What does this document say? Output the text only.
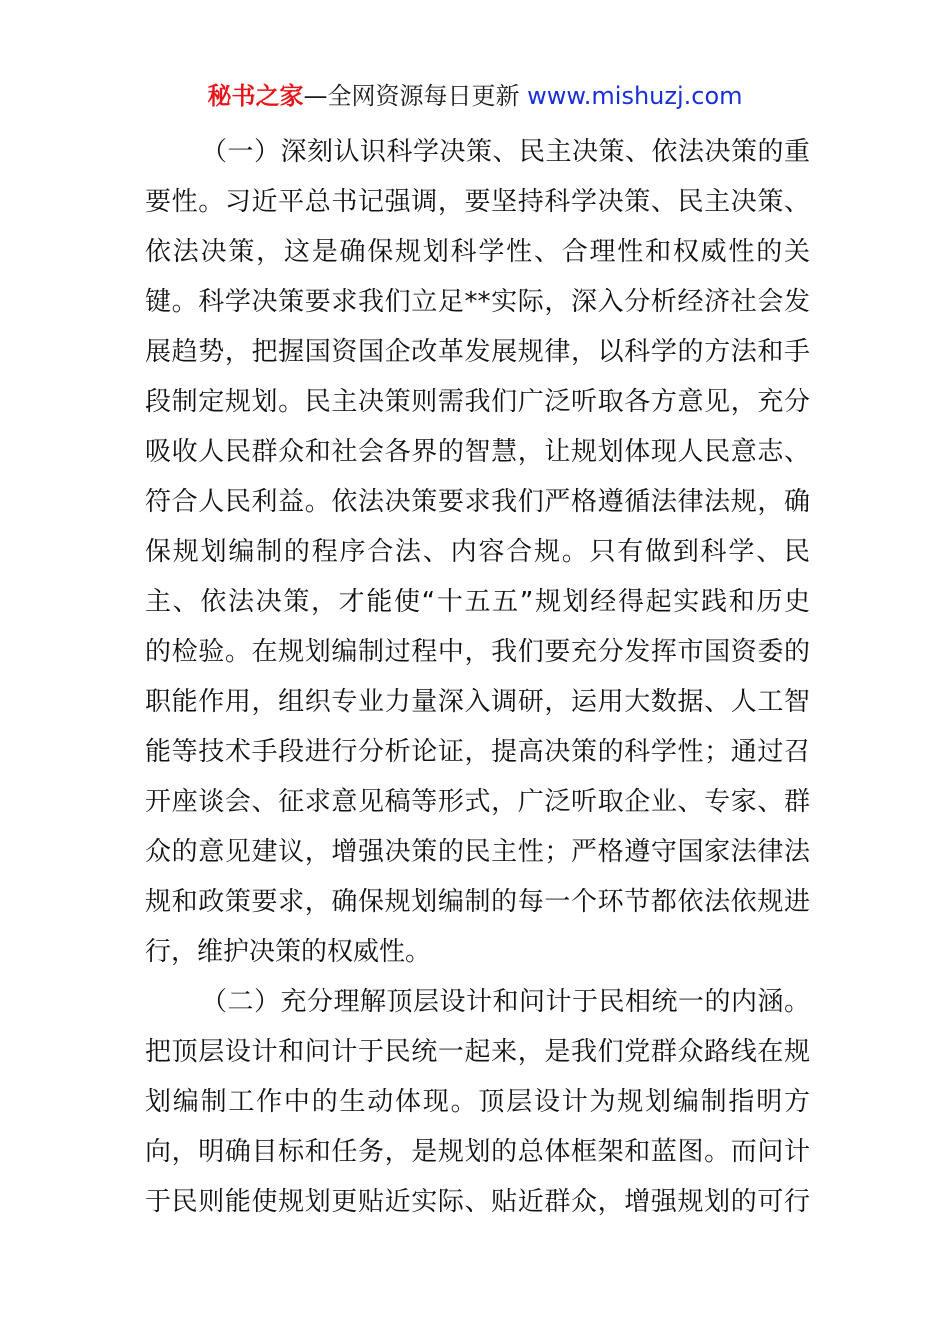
秘书之家—全网资源每日更新 www.mishuzj.com
（一）深刻认识科学决策、民主决策、依法决策的重
要性。习近平总书记强调，要坚持科学决策、民主决策、
依法决策，这是确保规划科学性、合理性和权威性的关
键。科学决策要求我们立足**实际，深入分析经济社会发
展趋势，把握国资国企改革发展规律，以科学的方法和手
段制定规划。民主决策则需我们广泛听取各方意见，充分
吸收人民群众和社会各界的智慧，让规划体现人民意志、
符合人民利益。依法决策要求我们严格遵循法律法规，确
保规划编制的程序合法、内容合规。只有做到科学、民
主、依法决策，才能使“十五五”规划经得起实践和历史
的检验。在规划编制过程中，我们要充分发挥市国资委的
职能作用，组织专业力量深入调研，运用大数据、人工智
能等技术手段进行分析论证，提高决策的科学性；通过召
开座谈会、征求意见稿等形式，广泛听取企业、专家、群
众的意见建议，增强决策的民主性；严格遵守国家法律法
规和政策要求，确保规划编制的每一个环节都依法依规进
行，维护决策的权威性。
（二）充分理解顶层设计和问计于民相统一的内涵。
把顶层设计和问计于民统一起来，是我们党群众路线在规
划编制工作中的生动体现。顶层设计为规划编制指明方
向，明确目标和任务，是规划的总体框架和蓝图。而问计
于民则能使规划更贴近实际、贴近群众，增强规划的可行
